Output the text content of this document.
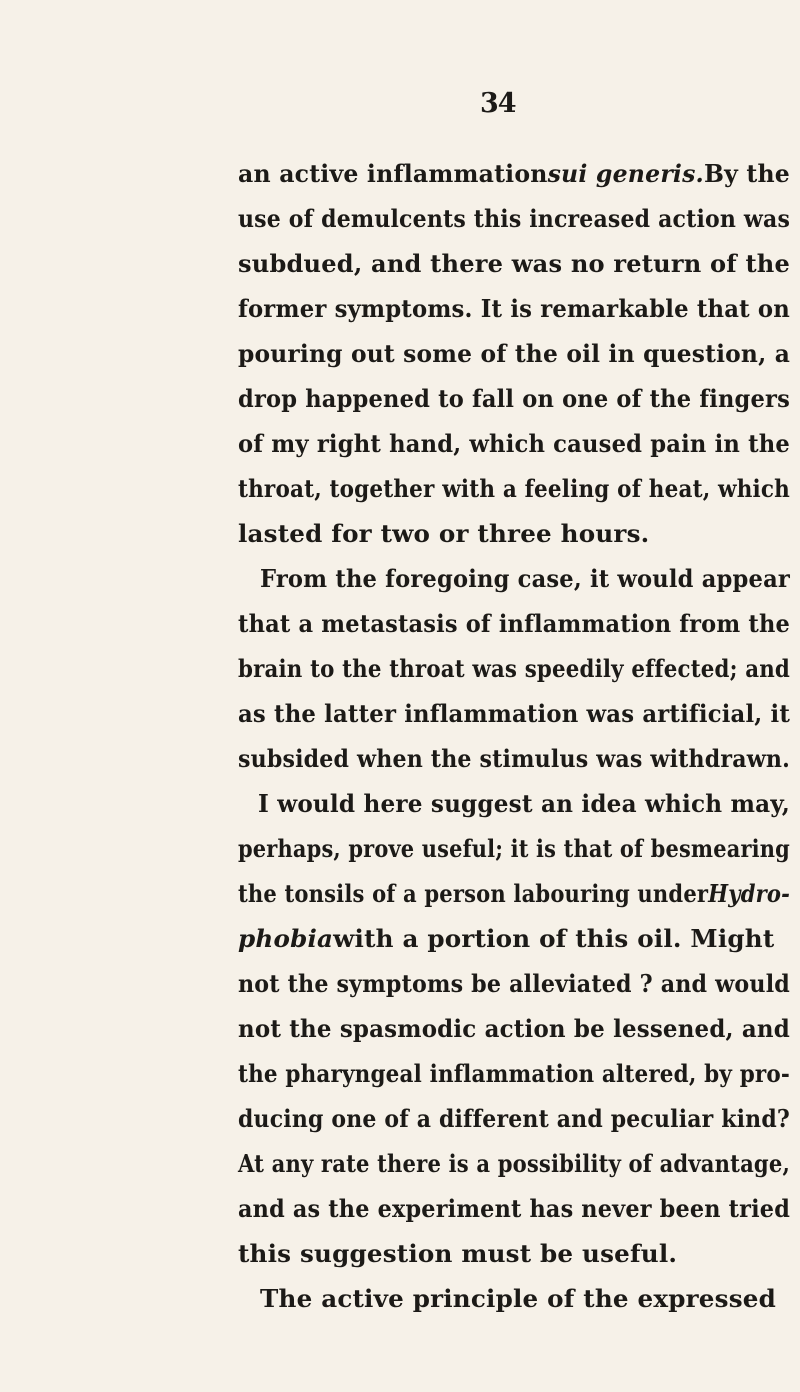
34
an active inflammation sui generis. By the
use of demulcents this increased action was
subdued, and there was no return of the
former symptoms. It is remarkable that on
pouring out some of the oil in question, a
drop happened to fall on one of the fingers
of my right hand, which caused pain in the
throat, together with a feeling of heat, which
lasted for two or three hours.
From the foregoing case, it would appear
that a metastasis of inflammation from the
brain to the throat was speedily effected; and
as the latter inflammation was artificial, it
subsided when the stimulus was withdrawn.
I would here suggest an idea which may,
perhaps, prove useful; it is that of besmearing
the tonsils of a person labouring under Hydro-
phobia with a portion of this oil. Might
not the symptoms be alleviated ? and would
not the spasmodic action be lessened, and
the pharyngeal inflammation altered, by pro-
ducing one of a different and peculiar kind?
At any rate there is a possibility of advantage,
and as the experiment has never been tried
this suggestion must be useful.
The active principle of the expressed
